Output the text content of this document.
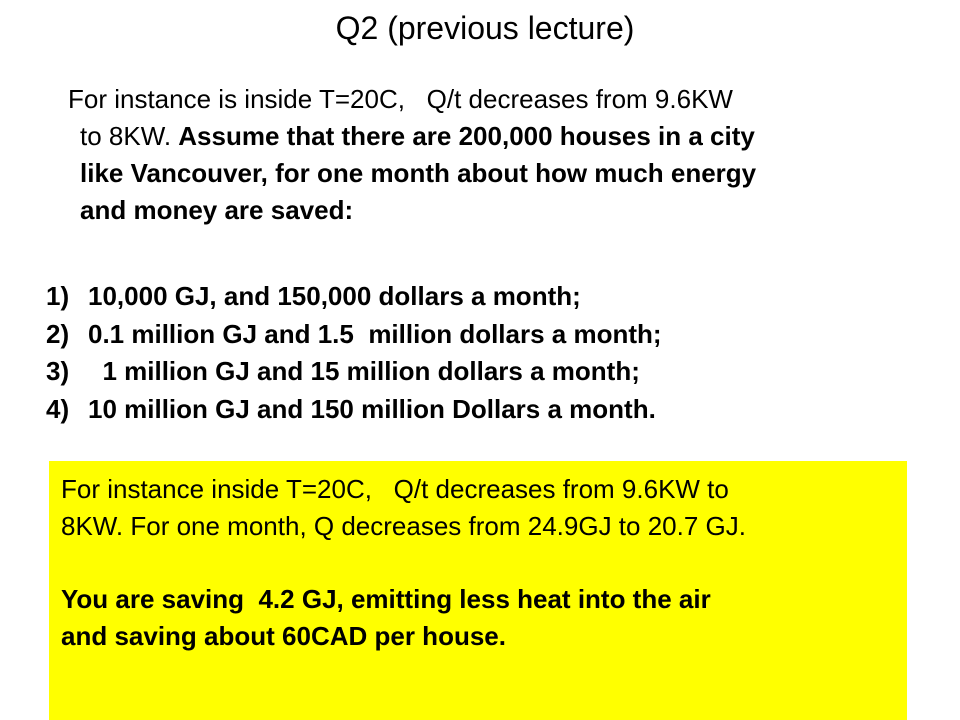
Q2 (previous lecture)
For instance is inside T=20C,   Q/t decreases from 9.6KW
to 8KW. Assume that there are 200,000 houses in a city
like Vancouver, for one month about how much energy
and money are saved:
1) 10,000 GJ, and 150,000 dollars a month;
2) 0.1 million GJ and 1.5  million dollars a month;
3)  1 million GJ and 15 million dollars a month;
4) 10 million GJ and 150 million Dollars a month.

For instance inside T=20C,   Q/t decreases from 9.6KW to

8KW. For one month, Q decreases from 24.9GJ to 20.7 GJ.

You are saving  4.2 GJ, emitting less heat into the air

and saving about 60CAD per house.
